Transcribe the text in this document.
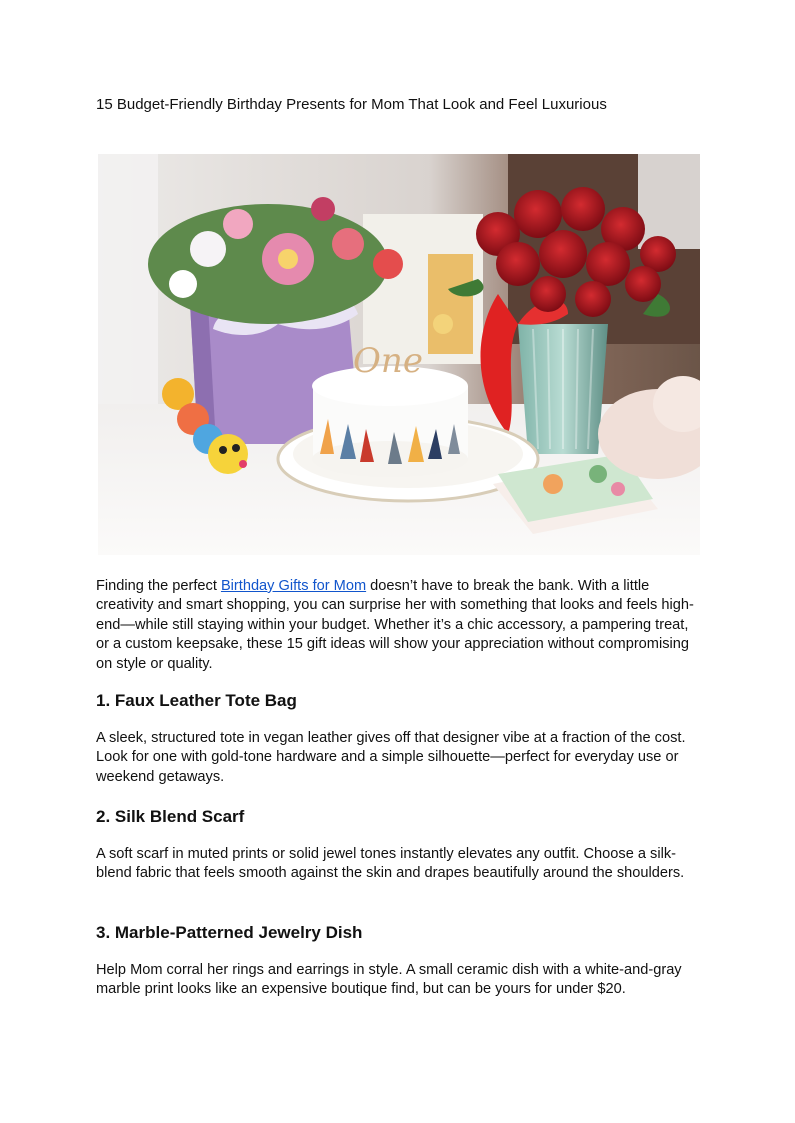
15 Budget-Friendly Birthday Presents for Mom That Look and Feel Luxurious
One

Finding the perfect Birthday Gifts for Mom doesn’t have to break the bank. With a little creativity and smart shopping, you can surprise her with something that looks and feels high-end—while still staying within your budget. Whether it’s a chic accessory, a pampering treat, or a custom keepsake, these 15 gift ideas will show your appreciation without compromising on style or quality.

1. Faux Leather Tote Bag

A sleek, structured tote in vegan leather gives off that designer vibe at a fraction of the cost. Look for one with gold-tone hardware and a simple silhouette—perfect for everyday use or weekend getaways.

2. Silk Blend Scarf

A soft scarf in muted prints or solid jewel tones instantly elevates any outfit. Choose a silk-blend fabric that feels smooth against the skin and drapes beautifully around the shoulders.

3. Marble-Patterned Jewelry Dish

Help Mom corral her rings and earrings in style. A small ceramic dish with a white-and-gray marble print looks like an expensive boutique find, but can be yours for under $20.
